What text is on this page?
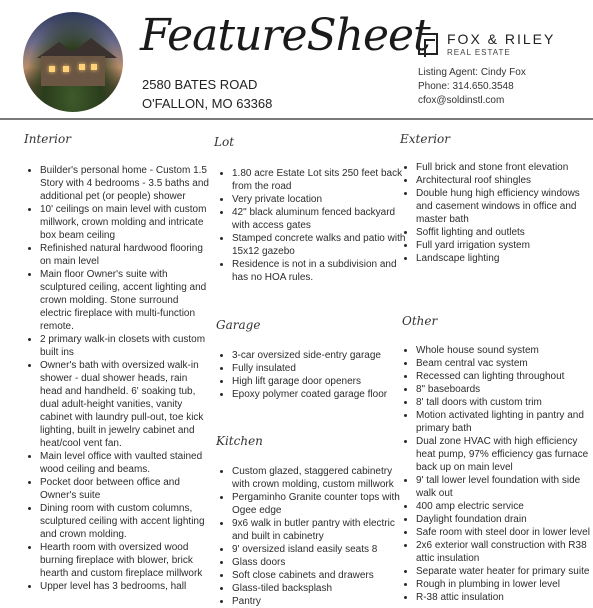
FeatureSheet
2580 BATES ROAD
O'FALLON, MO 63368
FOX & RILEY
REAL ESTATE
Listing Agent: Cindy Fox
Phone: 314.650.3548
cfox@soldinstl.com
Interior
• Builder's personal home - Custom 1.5 Story with 4 bedrooms - 3.5 baths and additional pet (or people) shower
• 10' ceilings on main level with custom millwork, crown molding and intricate box beam ceiling
• Refinished natural hardwood flooring on main level
• Main floor Owner's suite with sculptured ceiling, accent lighting and crown molding. Stone surround electric fireplace with multi-function remote.
• 2 primary walk-in closets with custom built ins
• Owner's bath with oversized walk-in shower - dual shower heads, rain head and handheld. 6' soaking tub, dual adult-height vanities, vanity cabinet with laundry pull-out, toe kick lighting, built in jewelry cabinet and heat/cool vent fan.
• Main level office with vaulted stained wood ceiling and beams.
• Pocket door between office and Owner's suite
• Dining room with custom columns, sculptured ceiling with accent lighting and crown molding.
• Hearth room with oversized wood burning fireplace with blower, brick hearth and custom fireplace millwork
• Upper level has 3 bedrooms, hall
Lot
• 1.80 acre Estate Lot sits 250 feet back from the road
• Very private location
• 42" black aluminum fenced backyard with access gates
• Stamped concrete walks and patio with 15x12 gazebo
• Residence is not in a subdivision and has no HOA rules.
Garage
• 3-car oversized side-entry garage
• Fully insulated
• High lift garage door openers
• Epoxy polymer coated garage floor
Kitchen
• Custom glazed, staggered cabinetry with crown molding, custom millwork
• Pergaminho Granite counter tops with Ogee edge
• 9x6 walk in butler pantry with electric and built in cabinetry
• 9' oversized island easily seats 8
• Glass doors
• Soft close cabinets and drawers
• Glass-tiled backsplash
• Pantry
Exterior
• Full brick and stone front elevation
• Architectural roof shingles
• Double hung high efficiency windows and casement windows in office and master bath
• Soffit lighting and outlets
• Full yard irrigation system
• Landscape lighting
Other
• Whole house sound system
• Beam central vac system
• Recessed can lighting throughout
• 8" baseboards
• 8' tall doors with custom trim
• Motion activated lighting in pantry and primary bath
• Dual zone HVAC with high efficiency heat pump, 97% efficiency gas furnace back up on main level
• 9' tall lower level foundation with side walk out
• 400 amp electric service
• Daylight foundation drain
• Safe room with steel door in lower level
• 2x6 exterior wall construction with R38 attic insulation
• Separate water heater for primary suite
• Rough in plumbing in lower level
• R-38 attic insulation
